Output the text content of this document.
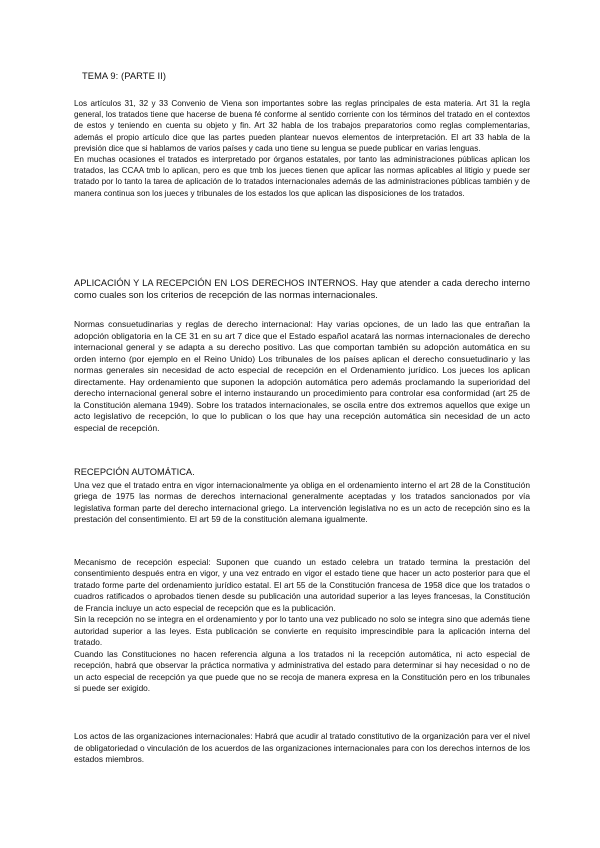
TEMA 9: (PARTE II)

Los artículos 31, 32 y 33 Convenio de Viena son importantes sobre las reglas principales de esta materia. Art 31 la regla general, los tratados tiene que hacerse de buena fé conforme al sentido corriente con los términos del tratado en el contextos de estos y teniendo en cuenta su objeto y fin. Art 32 habla de los trabajos preparatorios como reglas complementarias, además el propio artículo dice que las partes pueden plantear nuevos elementos de interpretación. El art 33 habla de la previsión dice que si hablamos de varios países y cada uno tiene su lengua se puede publicar en varias lenguas.

En muchas ocasiones el tratados es interpretado por órganos estatales, por tanto las administraciones públicas aplican los tratados, las CCAA tmb lo aplican, pero es que tmb los jueces tienen que aplicar las normas aplicables al litigio y puede ser tratado por lo tanto la tarea de aplicación de lo tratados internacionales además de las administraciones públicas también y de manera continua son los jueces y tribunales de los estados los que aplican las disposiciones de los tratados.

APLICACIÓN Y LA RECEPCIÓN EN LOS DERECHOS INTERNOS. Hay que atender a cada derecho interno como cuales son los criterios de recepción de las normas internacionales.

Normas consuetudinarias y reglas de derecho internacional: Hay varias opciones, de un lado las que entrañan la adopción obligatoria en la CE 31 en su art 7 dice que el Estado español acatará las normas internacionales de derecho internacional general y se adapta a su derecho positivo. Las que comportan también su adopción automática en su orden interno (por ejemplo en el Reino Unido) Los tribunales de los países aplican el derecho consuetudinario y las normas generales sin necesidad de acto especial de recepción en el Ordenamiento jurídico. Los jueces los aplican directamente. Hay ordenamiento que suponen la adopción automática pero además proclamando la superioridad del derecho internacional general sobre el interno instaurando un procedimiento para controlar esa conformidad (art 25 de la Constitución alemana 1949). Sobre los tratados internacionales, se oscila entre dos extremos aquellos que exige un acto legislativo de recepción, lo que lo publican o los que hay una recepción automática sin necesidad de un acto especial de recepción.

RECEPCIÓN AUTOMÁTICA.

Una vez que el tratado entra en vigor internacionalmente ya obliga en el ordenamiento interno el art 28 de la Constitución griega de 1975 las normas de derechos internacional generalmente aceptadas y los tratados sancionados por vía legislativa forman parte del derecho internacional griego. La intervención legislativa no es un acto de recepción sino es la prestación del consentimiento. El art 59 de la constitución alemana igualmente.

Mecanismo de recepción especial: Suponen que cuando un estado celebra un tratado termina la prestación del consentimiento después entra en vigor, y una vez entrado en vigor el estado tiene que hacer un acto posterior para que el tratado forme parte del ordenamiento jurídico estatal. El art 55 de la Constitución francesa de 1958 dice que los tratados o cuadros ratificados o aprobados tienen desde su publicación una autoridad superior a las leyes francesas, la Constitución de Francia incluye un acto especial de recepción que es la publicación.

Sin la recepción no se integra en el ordenamiento y por lo tanto una vez publicado no solo se integra sino que además tiene autoridad superior a las leyes. Esta publicación se convierte en requisito imprescindible para la aplicación interna del tratado.

Cuando las Constituciones no hacen referencia alguna a los tratados ni la recepción automática, ni acto especial de recepción, habrá que observar la práctica normativa y administrativa del estado para determinar si hay necesidad o no de un acto especial de recepción ya que puede que no se recoja de manera expresa en la Constitución pero en los tribunales si puede ser exigido.

Los actos de las organizaciones internacionales: Habrá que acudir al tratado constitutivo de la organización para ver el nivel de obligatoriedad o vinculación de los acuerdos de las organizaciones internacionales para con los derechos internos de los estados miembros.
